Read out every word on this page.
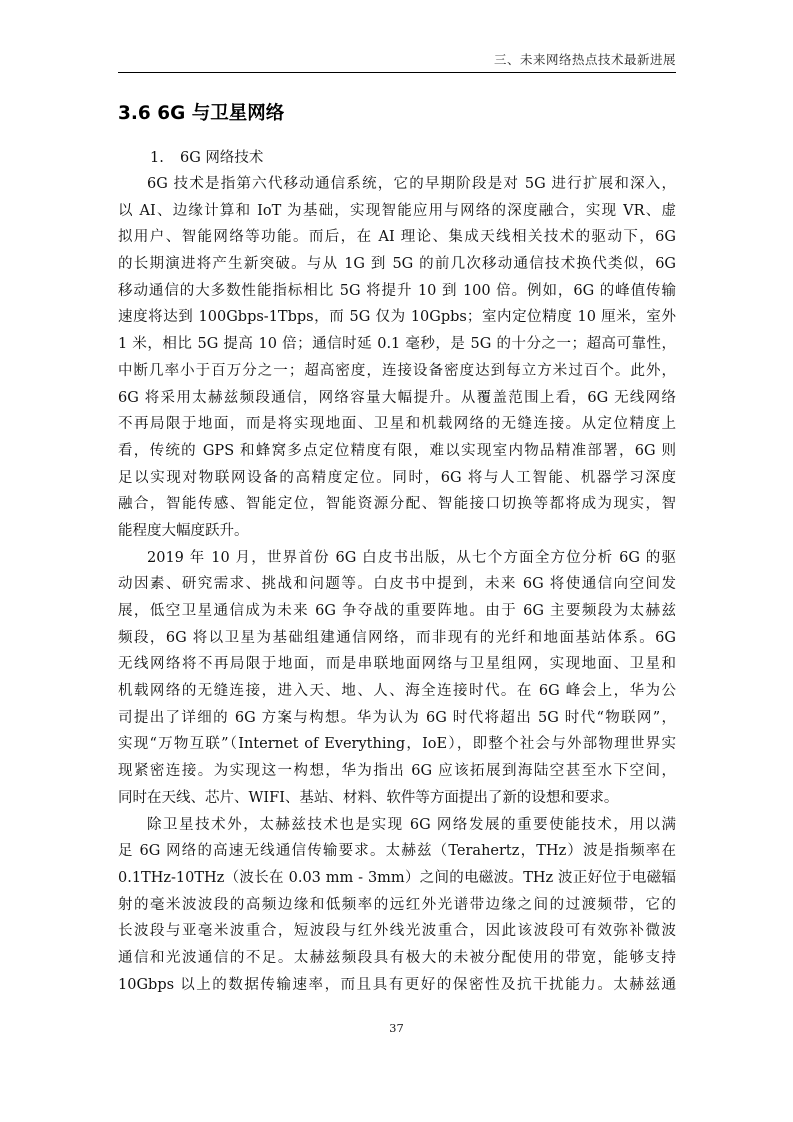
三、未来网络热点技术最新进展
3.6 6G 与卫星网络
1. 6G 网络技术
6G 技术是指第六代移动通信系统，它的早期阶段是对 5G 进行扩展和深入，
以 AI、边缘计算和 IoT 为基础，实现智能应用与网络的深度融合，实现 VR、虚
拟用户、智能网络等功能。而后，在 AI 理论、集成天线相关技术的驱动下，6G
的长期演进将产生新突破。与从 1G 到 5G 的前几次移动通信技术换代类似，6G
移动通信的大多数性能指标相比 5G 将提升 10 到 100 倍。例如，6G 的峰值传输
速度将达到 100Gbps-1Tbps，而 5G 仅为 10Gpbs；室内定位精度 10 厘米，室外
1 米，相比 5G 提高 10 倍；通信时延 0.1 毫秒，是 5G 的十分之一；超高可靠性，
中断几率小于百万分之一；超高密度，连接设备密度达到每立方米过百个。此外，
6G 将采用太赫兹频段通信，网络容量大幅提升。从覆盖范围上看，6G 无线网络
不再局限于地面，而是将实现地面、卫星和机载网络的无缝连接。从定位精度上
看，传统的 GPS 和蜂窝多点定位精度有限，难以实现室内物品精准部署，6G 则
足以实现对物联网设备的高精度定位。同时，6G 将与人工智能、机器学习深度
融合，智能传感、智能定位，智能资源分配、智能接口切换等都将成为现实，智
能程度大幅度跃升。
2019 年 10 月，世界首份 6G 白皮书出版，从七个方面全方位分析 6G 的驱
动因素、研究需求、挑战和问题等。白皮书中提到，未来 6G 将使通信向空间发
展，低空卫星通信成为未来 6G 争夺战的重要阵地。由于 6G 主要频段为太赫兹
频段，6G 将以卫星为基础组建通信网络，而非现有的光纤和地面基站体系。6G
无线网络将不再局限于地面，而是串联地面网络与卫星组网，实现地面、卫星和
机载网络的无缝连接，进入天、地、人、海全连接时代。在 6G 峰会上，华为公
司提出了详细的 6G 方案与构想。华为认为 6G 时代将超出 5G 时代“物联网”，
实现“万物互联”（Internet of Everything，IoE），即整个社会与外部物理世界实
现紧密连接。为实现这一构想，华为指出 6G 应该拓展到海陆空甚至水下空间，
同时在天线、芯片、WIFI、基站、材料、软件等方面提出了新的设想和要求。
除卫星技术外，太赫兹技术也是实现 6G 网络发展的重要使能技术，用以满
足 6G 网络的高速无线通信传输要求。太赫兹（Terahertz，THz）波是指频率在
0.1THz-10THz（波长在 0.03 mm - 3mm）之间的电磁波。THz 波正好位于电磁辐
射的毫米波波段的高频边缘和低频率的远红外光谱带边缘之间的过渡频带，它的
长波段与亚毫米波重合，短波段与红外线光波重合，因此该波段可有效弥补微波
通信和光波通信的不足。太赫兹频段具有极大的未被分配使用的带宽，能够支持
10Gbps 以上的数据传输速率，而且具有更好的保密性及抗干扰能力。太赫兹通
37
